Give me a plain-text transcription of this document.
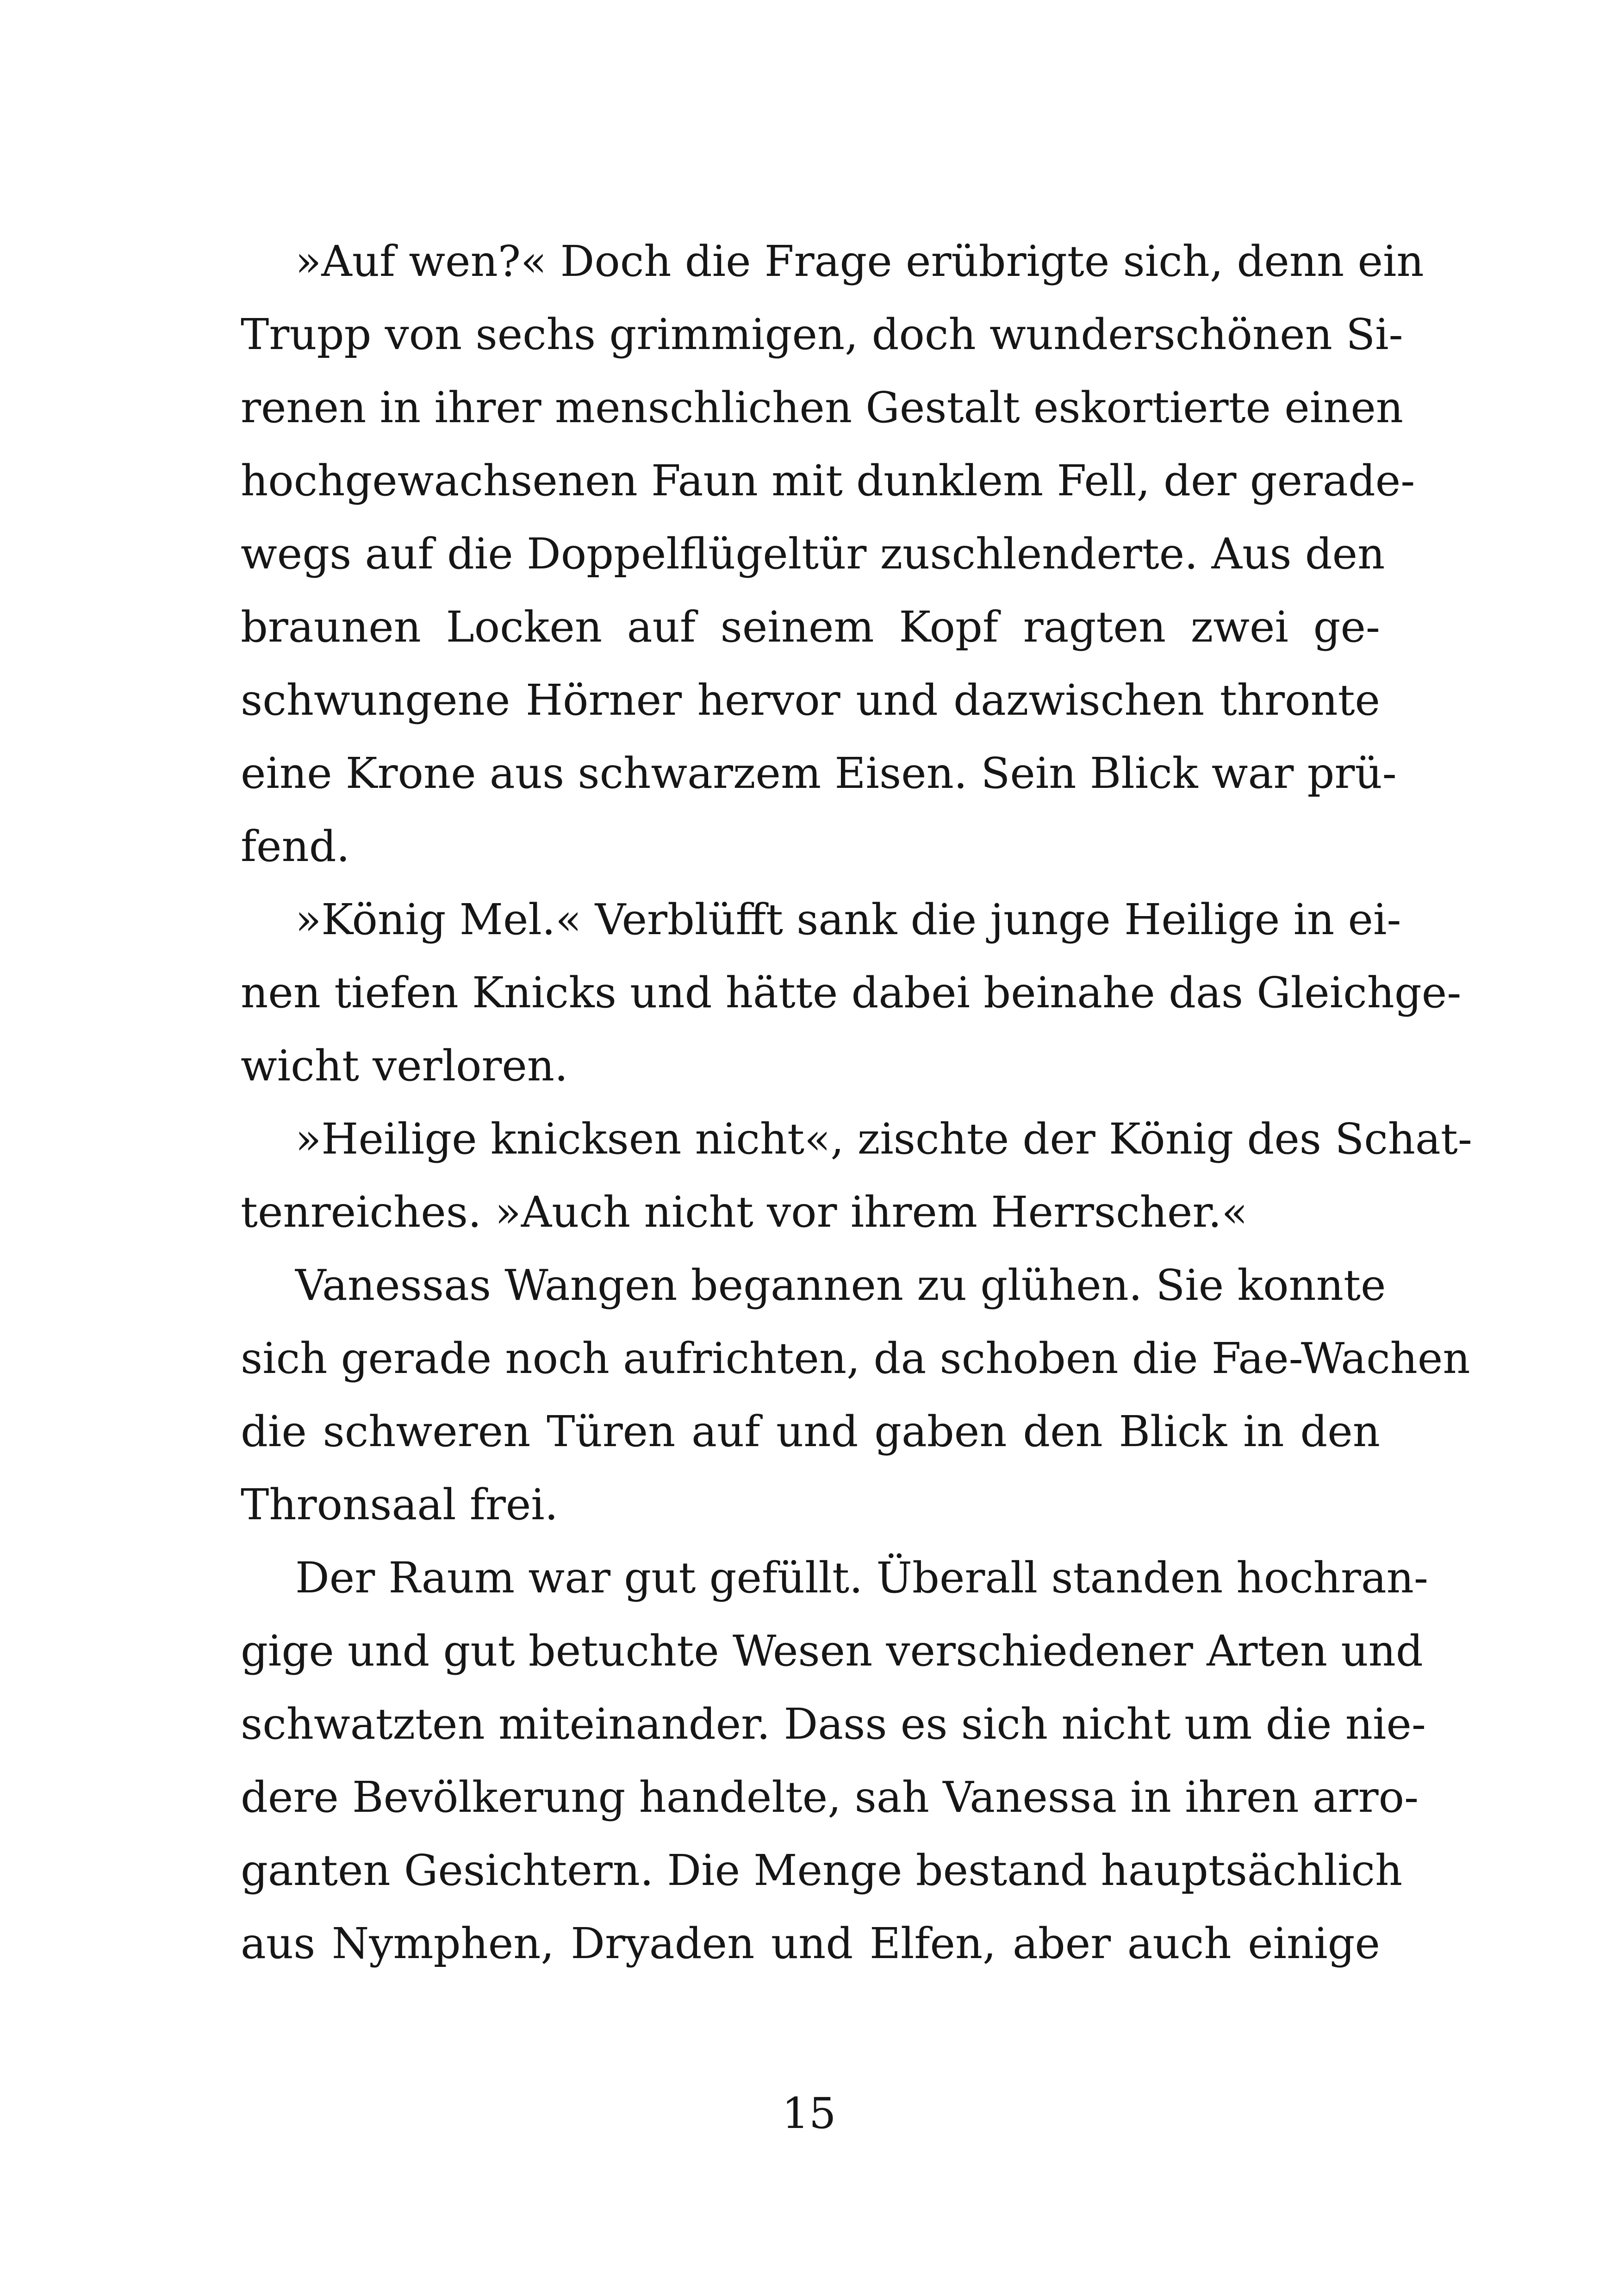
»Auf wen?« Doch die Frage erübrigte sich, denn ein
Trupp von sechs grimmigen, doch wunderschönen Si-
renen in ihrer menschlichen Gestalt eskortierte einen
hochgewachsenen Faun mit dunklem Fell, der gerade-
wegs auf die Doppelflügeltür zuschlenderte. Aus den
braunen Locken auf seinem Kopf ragten zwei ge-
schwungene Hörner hervor und dazwischen thronte
eine Krone aus schwarzem Eisen. Sein Blick war prü-
fend.
»König Mel.« Verblüfft sank die junge Heilige in ei-
nen tiefen Knicks und hätte dabei beinahe das Gleichge-
wicht verloren.
»Heilige knicksen nicht«, zischte der König des Schat-
tenreiches. »Auch nicht vor ihrem Herrscher.«
Vanessas Wangen begannen zu glühen. Sie konnte
sich gerade noch aufrichten, da schoben die Fae-Wachen
die schweren Türen auf und gaben den Blick in den
Thronsaal frei.
Der Raum war gut gefüllt. Überall standen hochran-
gige und gut betuchte Wesen verschiedener Arten und
schwatzten miteinander. Dass es sich nicht um die nie-
dere Bevölkerung handelte, sah Vanessa in ihren arro-
ganten Gesichtern. Die Menge bestand hauptsächlich
aus Nymphen, Dryaden und Elfen, aber auch einige
15
